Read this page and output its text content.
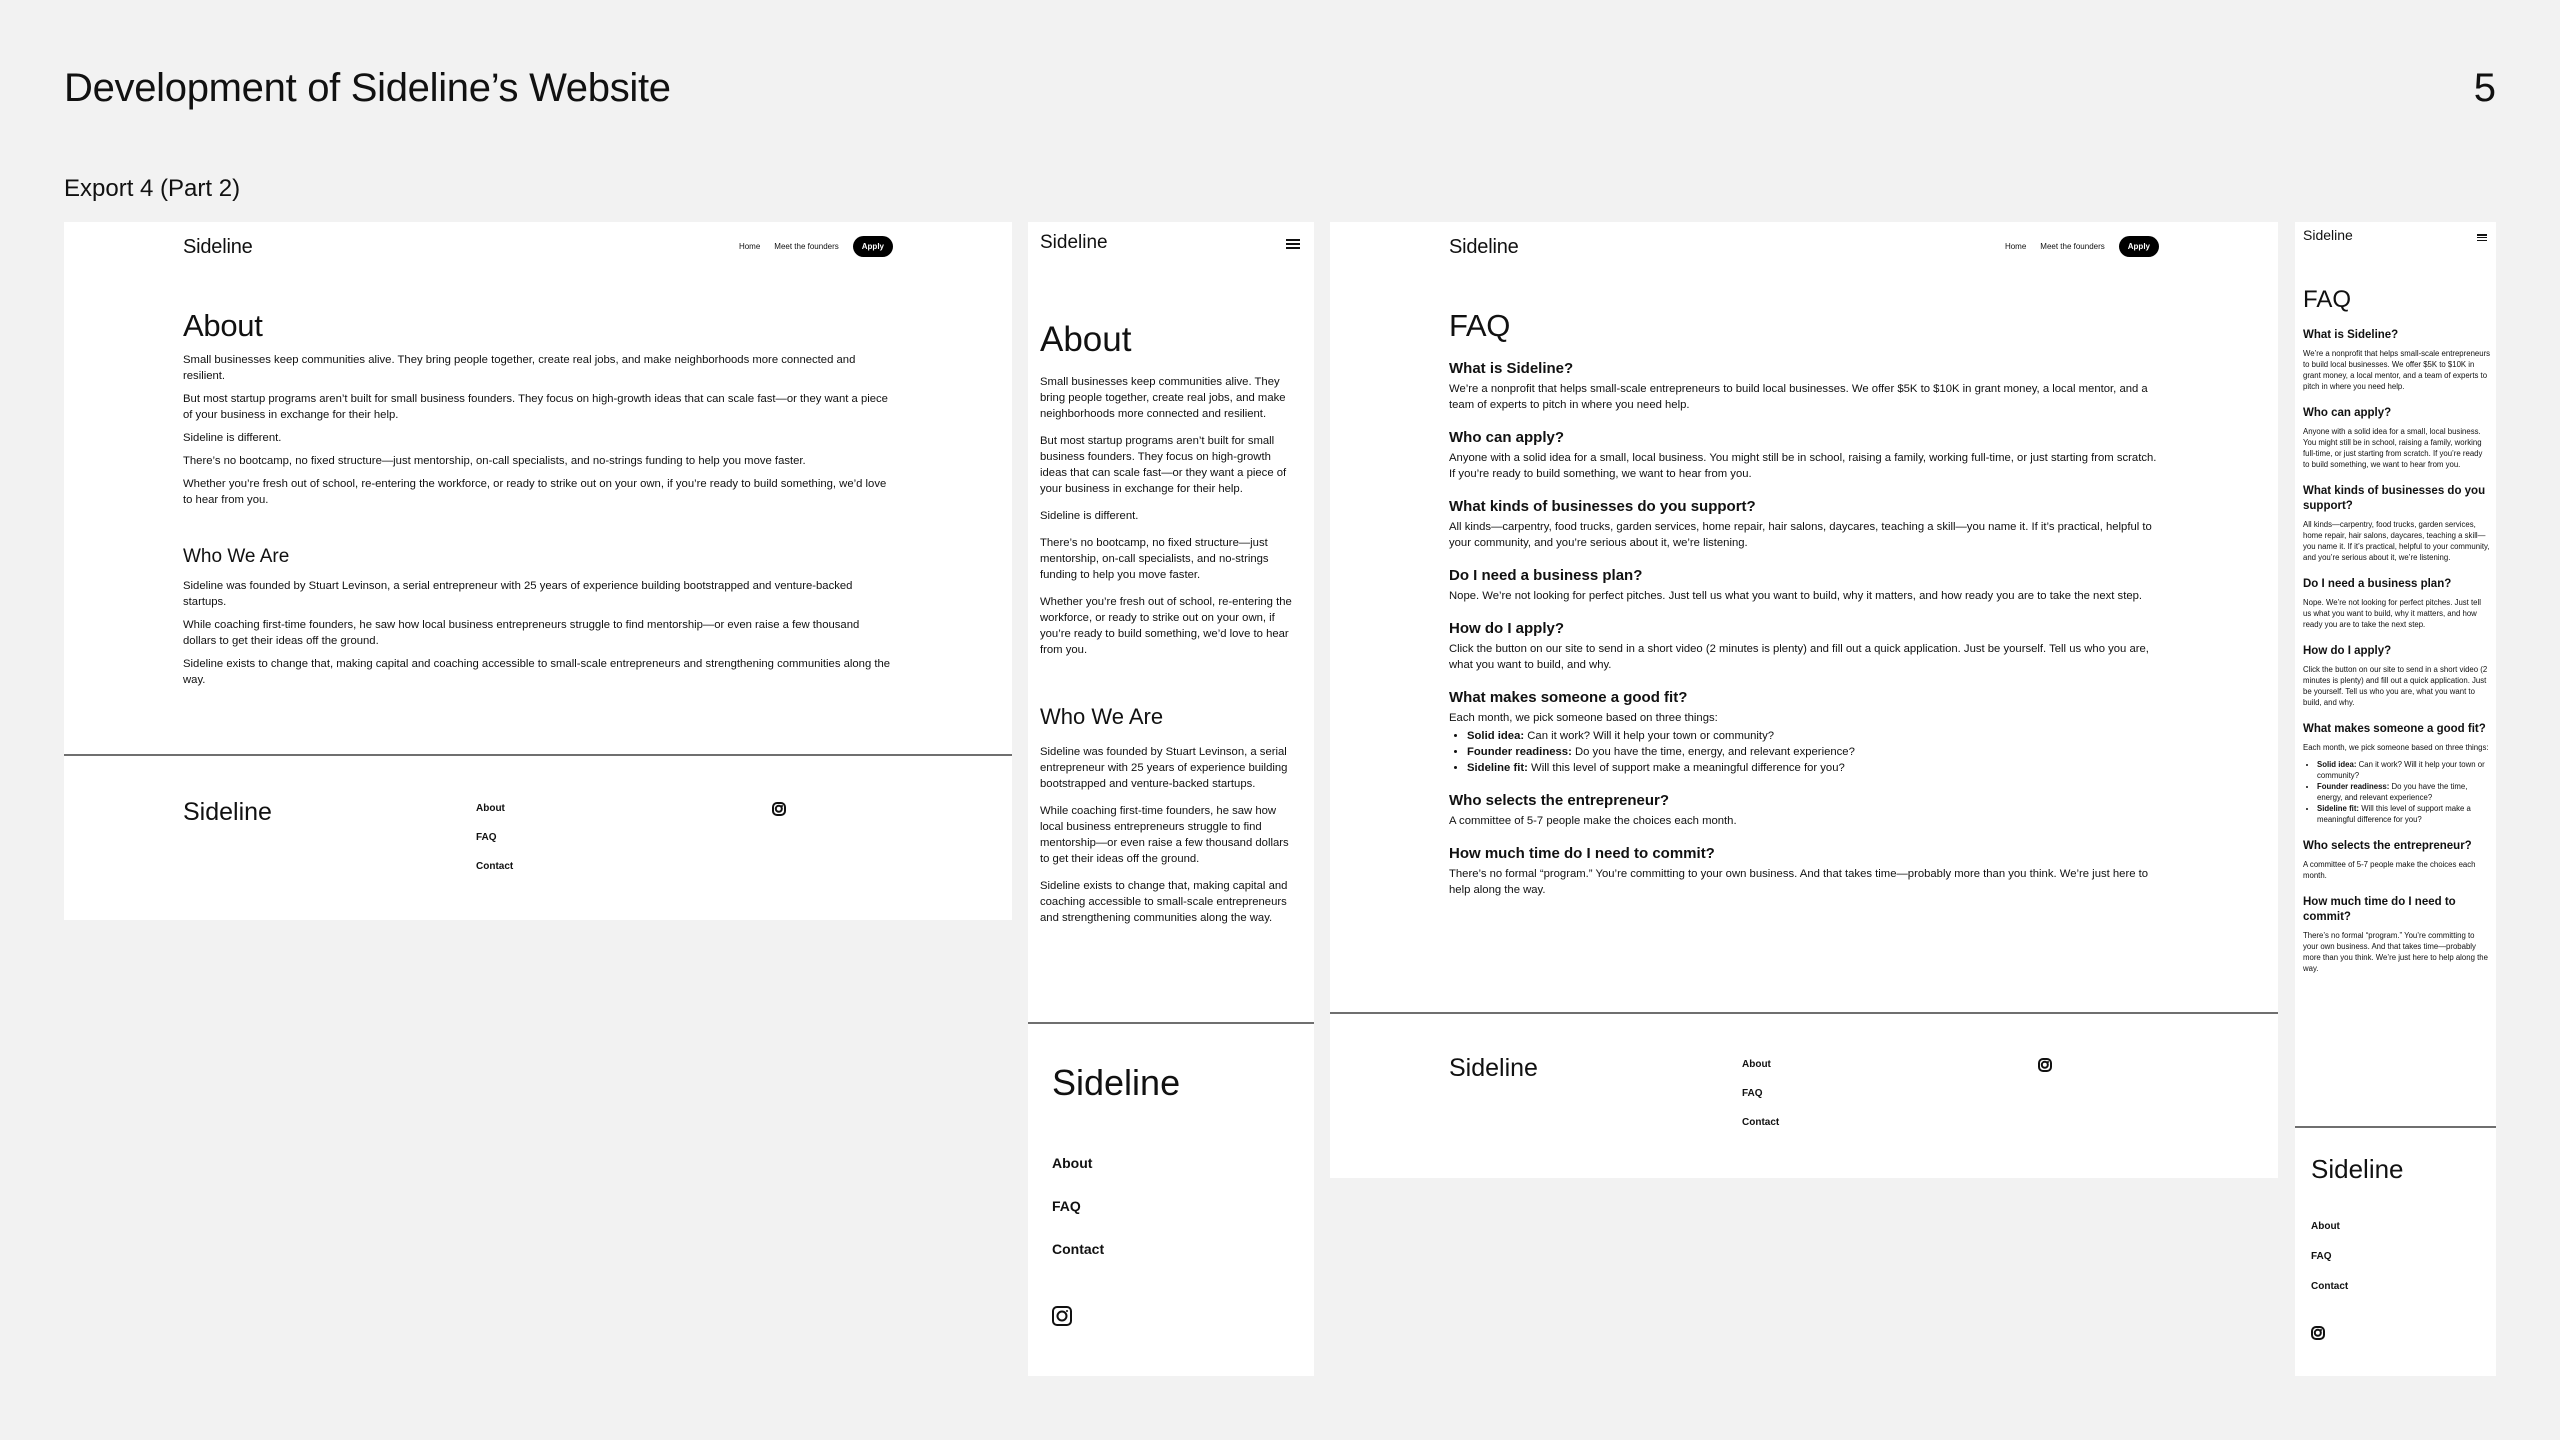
Development of Sideline’s Website	5
Export 4 (Part 2)
Sideline	Home Meet the founders	Apply
About

Small businesses keep communities alive. They bring people together, create real jobs, and make neighborhoods more connected and resilient.

But most startup programs aren’t built for small business founders. They focus on high-growth ideas that can scale fast—or they want a piece of your business in exchange for their help.

Sideline is different.

There’s no bootcamp, no fixed structure—just mentorship, on-call specialists, and no-strings funding to help you move faster.

Whether you’re fresh out of school, re-entering the workforce, or ready to strike out on your own, if you’re ready to build something, we’d love to hear from you.

Who We Are

Sideline was founded by Stuart Levinson, a serial entrepreneur with 25 years of experience building bootstrapped and venture-backed startups.

While coaching first-time founders, he saw how local business entrepreneurs struggle to find mentorship—or even raise a few thousand dollars to get their ideas off the ground.

Sideline exists to change that, making capital and coaching accessible to small-scale entrepreneurs and strengthening communities along the way.

Sideline	About
FAQ
Contact
Sideline
About

Small businesses keep communities alive. They bring people together, create real jobs, and make neighborhoods more connected and resilient.

But most startup programs aren’t built for small business founders. They focus on high-growth ideas that can scale fast—or they want a piece of your business in exchange for their help.

Sideline is different.

There’s no bootcamp, no fixed structure—just mentorship, on-call specialists, and no-strings funding to help you move faster.

Whether you’re fresh out of school, re-entering the workforce, or ready to strike out on your own, if you’re ready to build something, we’d love to hear from you.

Who We Are

Sideline was founded by Stuart Levinson, a serial entrepreneur with 25 years of experience building bootstrapped and venture-backed startups.

While coaching first-time founders, he saw how local business entrepreneurs struggle to find mentorship—or even raise a few thousand dollars to get their ideas off the ground.

Sideline exists to change that, making capital and coaching accessible to small-scale entrepreneurs and strengthening communities along the way.

Sideline
About
FAQ
Contact
Sideline	Home Meet the founders	Apply
FAQ
What is Sideline?

We’re a nonprofit that helps small-scale entrepreneurs to build local businesses. We offer $5K to $10K in grant money, a local mentor, and a team of experts to pitch in where you need help.

Who can apply?

Anyone with a solid idea for a small, local business. You might still be in school, raising a family, working full-time, or just starting from scratch. If you’re ready to build something, we want to hear from you.

What kinds of businesses do you support?

All kinds—carpentry, food trucks, garden services, home repair, hair salons, daycares, teaching a skill—you name it. If it’s practical, helpful to your community, and you’re serious about it, we’re listening.

Do I need a business plan?

Nope. We’re not looking for perfect pitches. Just tell us what you want to build, why it matters, and how ready you are to take the next step.

How do I apply?

Click the button on our site to send in a short video (2 minutes is plenty) and fill out a quick application. Just be yourself. Tell us who you are, what you want to build, and why.

What makes someone a good fit?

Each month, we pick someone based on three things:

• Solid idea: Can it work? Will it help your town or community?
• Founder readiness: Do you have the time, energy, and relevant experience?
• Sideline fit: Will this level of support make a meaningful difference for you?
Who selects the entrepreneur?

A committee of 5-7 people make the choices each month.

How much time do I need to commit?

There’s no formal “program.” You’re committing to your own business. And that takes time—probably more than you think. We’re just here to help along the way.

Sideline	About
FAQ
Contact
Sideline
FAQ
What is Sideline?

We’re a nonprofit that helps small-scale entrepreneurs to build local businesses. We offer $5K to $10K in grant money, a local mentor, and a team of experts to pitch in where you need help.

Who can apply?

Anyone with a solid idea for a small, local business. You might still be in school, raising a family, working full-time, or just starting from scratch. If you’re ready to build something, we want to hear from you.

What kinds of businesses do you support?

All kinds—carpentry, food trucks, garden services, home repair, hair salons, daycares, teaching a skill—you name it. If it’s practical, helpful to your community, and you’re serious about it, we’re listening.

Do I need a business plan?

Nope. We’re not looking for perfect pitches. Just tell us what you want to build, why it matters, and how ready you are to take the next step.

How do I apply?

Click the button on our site to send in a short video (2 minutes is plenty) and fill out a quick application. Just be yourself. Tell us who you are, what you want to build, and why.

What makes someone a good fit?

Each month, we pick someone based on three things:

• Solid idea: Can it work? Will it help your town or community?
• Founder readiness: Do you have the time, energy, and relevant experience?
• Sideline fit: Will this level of support make a meaningful difference for you?
Who selects the entrepreneur?

A committee of 5-7 people make the choices each month.

How much time do I need to commit?

There’s no formal “program.” You’re committing to your own business. And that takes time—probably more than you think. We’re just here to help along the way.

Sideline
About
FAQ
Contact
